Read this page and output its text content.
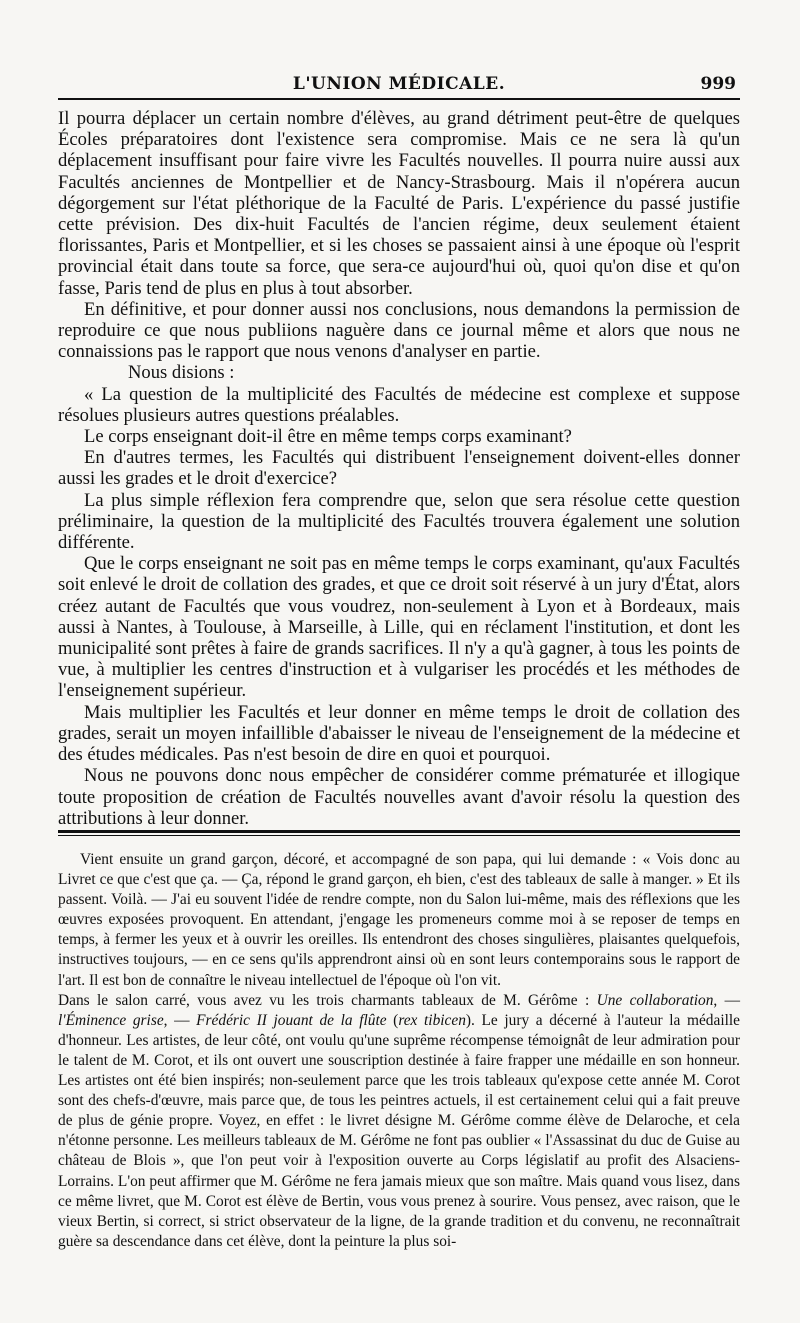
L'UNION MÉDICALE.	999

Il pourra déplacer un certain nombre d'élèves, au grand détriment peut-être de quelques Écoles préparatoires dont l'existence sera compromise. Mais ce ne sera là qu'un déplacement insuffisant pour faire vivre les Facultés nouvelles. Il pourra nuire aussi aux Facultés anciennes de Montpellier et de Nancy-Strasbourg. Mais il n'opérera aucun dégorgement sur l'état pléthorique de la Faculté de Paris. L'expérience du passé justifie cette prévision. Des dix-huit Facultés de l'ancien régime, deux seulement étaient florissantes, Paris et Montpellier, et si les choses se passaient ainsi à une époque où l'esprit provincial était dans toute sa force, que sera-ce aujourd'hui où, quoi qu'on dise et qu'on fasse, Paris tend de plus en plus à tout absorber.

En définitive, et pour donner aussi nos conclusions, nous demandons la permission de reproduire ce que nous publiions naguère dans ce journal même et alors que nous ne connaissions pas le rapport que nous venons d'analyser en partie.

Nous disions :

« La question de la multiplicité des Facultés de médecine est complexe et suppose résolues plusieurs autres questions préalables.

Le corps enseignant doit-il être en même temps corps examinant?

En d'autres termes, les Facultés qui distribuent l'enseignement doivent-elles donner aussi les grades et le droit d'exercice?

La plus simple réflexion fera comprendre que, selon que sera résolue cette question préliminaire, la question de la multiplicité des Facultés trouvera également une solution différente.

Que le corps enseignant ne soit pas en même temps le corps examinant, qu'aux Facultés soit enlevé le droit de collation des grades, et que ce droit soit réservé à un jury d'État, alors créez autant de Facultés que vous voudrez, non-seulement à Lyon et à Bordeaux, mais aussi à Nantes, à Toulouse, à Marseille, à Lille, qui en réclament l'institution, et dont les municipalité sont prêtes à faire de grands sacrifices. Il n'y a qu'à gagner, à tous les points de vue, à multiplier les centres d'instruction et à vulgariser les procédés et les méthodes de l'enseignement supérieur.

Mais multiplier les Facultés et leur donner en même temps le droit de collation des grades, serait un moyen infaillible d'abaisser le niveau de l'enseignement de la médecine et des études médicales. Pas n'est besoin de dire en quoi et pourquoi.

Nous ne pouvons donc nous empêcher de considérer comme prématurée et illogique toute proposition de création de Facultés nouvelles avant d'avoir résolu la question des attributions à leur donner.

Vient ensuite un grand garçon, décoré, et accompagné de son papa, qui lui demande : « Vois donc au Livret ce que c'est que ça. — Ça, répond le grand garçon, eh bien, c'est des tableaux de salle à manger. » Et ils passent. Voilà. — J'ai eu souvent l'idée de rendre compte, non du Salon lui-même, mais des réflexions que les œuvres exposées provoquent. En attendant, j'engage les promeneurs comme moi à se reposer de temps en temps, à fermer les yeux et à ouvrir les oreilles. Ils entendront des choses singulières, plaisantes quelquefois, instructives toujours, — en ce sens qu'ils apprendront ainsi où en sont leurs contemporains sous le rapport de l'art. Il est bon de connaître le niveau intellectuel de l'époque où l'on vit.

Dans le salon carré, vous avez vu les trois charmants tableaux de M. Gérôme : Une collaboration, — l'Éminence grise, — Frédéric II jouant de la flûte (rex tibicen). Le jury a décerné à l'auteur la médaille d'honneur. Les artistes, de leur côté, ont voulu qu'une suprême récompense témoignât de leur admiration pour le talent de M. Corot, et ils ont ouvert une souscription destinée à faire frapper une médaille en son honneur. Les artistes ont été bien inspirés; non-seulement parce que les trois tableaux qu'expose cette année M. Corot sont des chefs-d'œuvre, mais parce que, de tous les peintres actuels, il est certainement celui qui a fait preuve de plus de génie propre. Voyez, en effet : le livret désigne M. Gérôme comme élève de Delaroche, et cela n'étonne personne. Les meilleurs tableaux de M. Gérôme ne font pas oublier « l'Assassinat du duc de Guise au château de Blois », que l'on peut voir à l'exposition ouverte au Corps législatif au profit des Alsaciens-Lorrains. L'on peut affirmer que M. Gérôme ne fera jamais mieux que son maître. Mais quand vous lisez, dans ce même livret, que M. Corot est élève de Bertin, vous vous prenez à sourire. Vous pensez, avec raison, que le vieux Bertin, si correct, si strict observateur de la ligne, de la grande tradition et du convenu, ne reconnaîtrait guère sa descendance dans cet élève, dont la peinture la plus soi-
